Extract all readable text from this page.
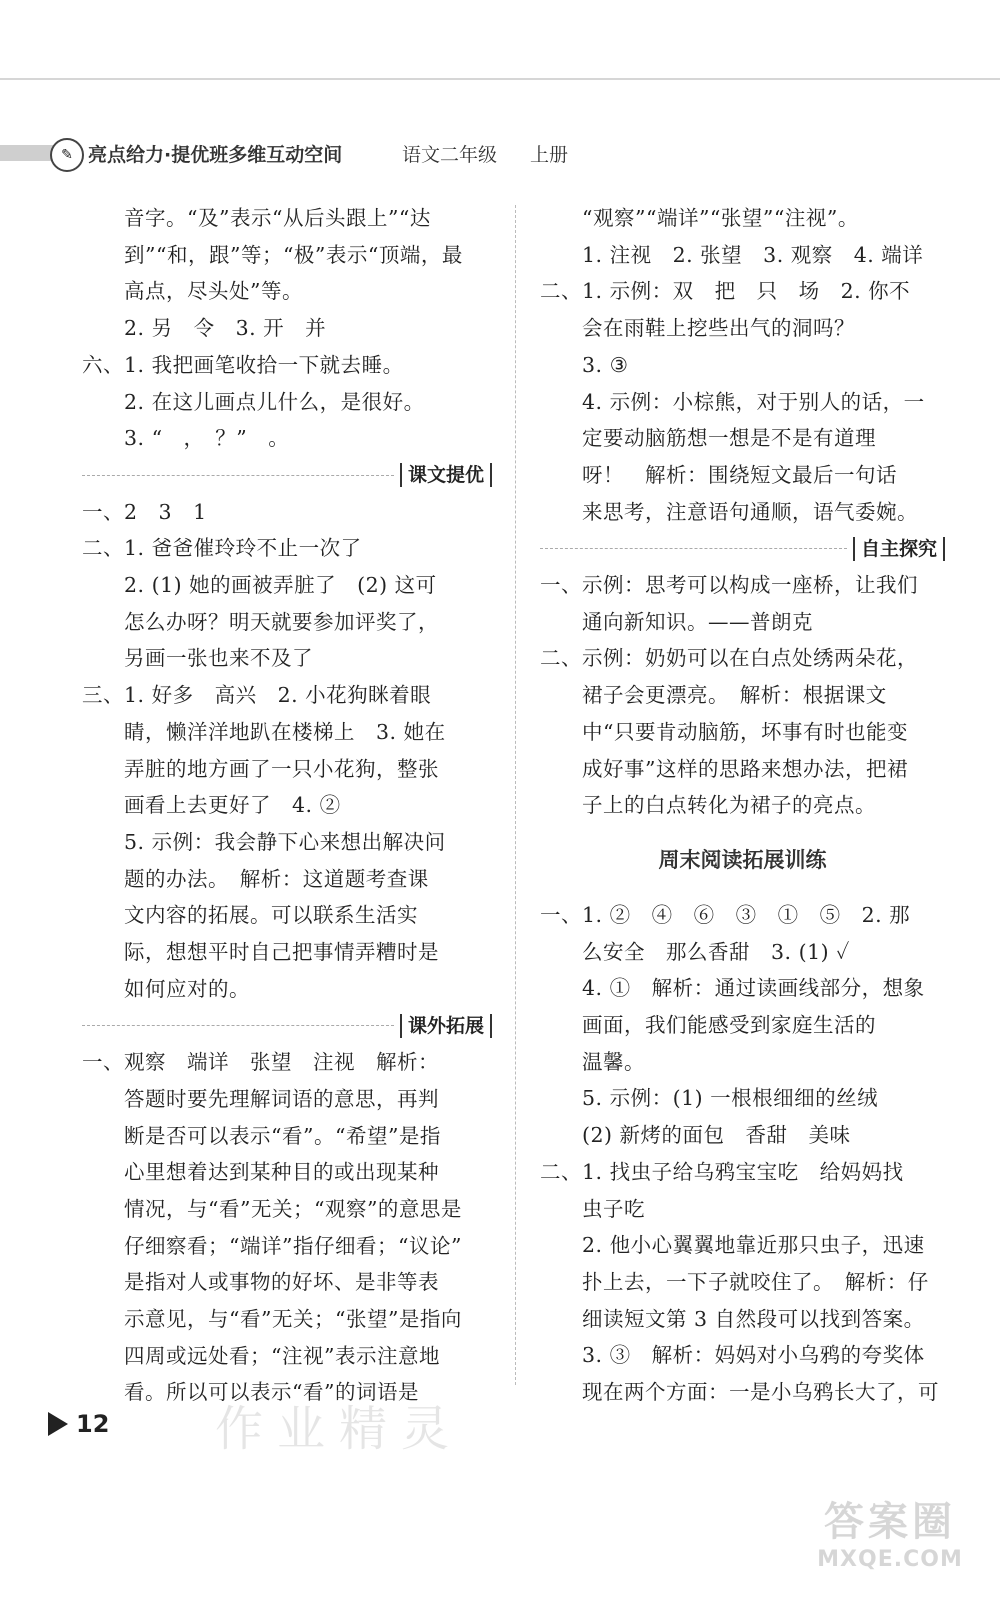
✎ 亮点给力·提优班多维互动空间	语文二年级 上册
音字。“及”表示“从后头跟上”“达
到”“和，跟”等；“极”表示“顶端，最
高点，尽头处”等。
2. 另　令　3. 开　并
六、1. 我把画笔收拾一下就去睡。
2. 在这儿画点儿什么，是很好。
3. “　，　？”　。
课文提优
一、2　3　1
二、1. 爸爸催玲玲不止一次了
2. (1) 她的画被弄脏了　(2) 这可
怎么办呀？明天就要参加评奖了，
另画一张也来不及了
三、1. 好多　高兴　2. 小花狗眯着眼
睛，懒洋洋地趴在楼梯上　3. 她在
弄脏的地方画了一只小花狗，整张
画看上去更好了　4. ②
5. 示例：我会静下心来想出解决问
题的办法。　解析：这道题考查课
文内容的拓展。可以联系生活实
际，想想平时自己把事情弄糟时是
如何应对的。
课外拓展
一、观察　端详　张望　注视　解析：
答题时要先理解词语的意思，再判
断是否可以表示“看”。“希望”是指
心里想着达到某种目的或出现某种
情况，与“看”无关；“观察”的意思是
仔细察看；“端详”指仔细看；“议论”
是指对人或事物的好坏、是非等表
示意见，与“看”无关；“张望”是指向
四周或远处看；“注视”表示注意地
看。所以可以表示“看”的词语是
“观察”“端详”“张望”“注视”。
1. 注视　2. 张望　3. 观察　4. 端详
二、1. 示例：双　把　只　场　2. 你不
会在雨鞋上挖些出气的洞吗？
3. ③
4. 示例：小棕熊，对于别人的话，一
定要动脑筋想一想是不是有道理
呀！　解析：围绕短文最后一句话
来思考，注意语句通顺，语气委婉。
自主探究
一、示例：思考可以构成一座桥，让我们
通向新知识。——普朗克
二、示例：奶奶可以在白点处绣两朵花，
裙子会更漂亮。　解析：根据课文
中“只要肯动脑筋，坏事有时也能变
成好事”这样的思路来想办法，把裙
子上的白点转化为裙子的亮点。
周末阅读拓展训练
一、1. ②　④　⑥　③　①　⑤　2. 那
么安全　那么香甜　3. (1) ✓
4. ①　解析：通过读画线部分，想象
画面，我们能感受到家庭生活的
温馨。
5. 示例：(1) 一根根细细的丝绒
(2) 新烤的面包　香甜　美味
二、1. 找虫子给乌鸦宝宝吃　给妈妈找
虫子吃
2. 他小心翼翼地靠近那只虫子，迅速
扑上去，一下子就咬住了。　解析：仔
细读短文第 3 自然段可以找到答案。
3. ③　解析：妈妈对小乌鸦的夸奖体
现在两个方面：一是小乌鸦长大了，可
12 作业精灵
答案圈
MXQE.COM
